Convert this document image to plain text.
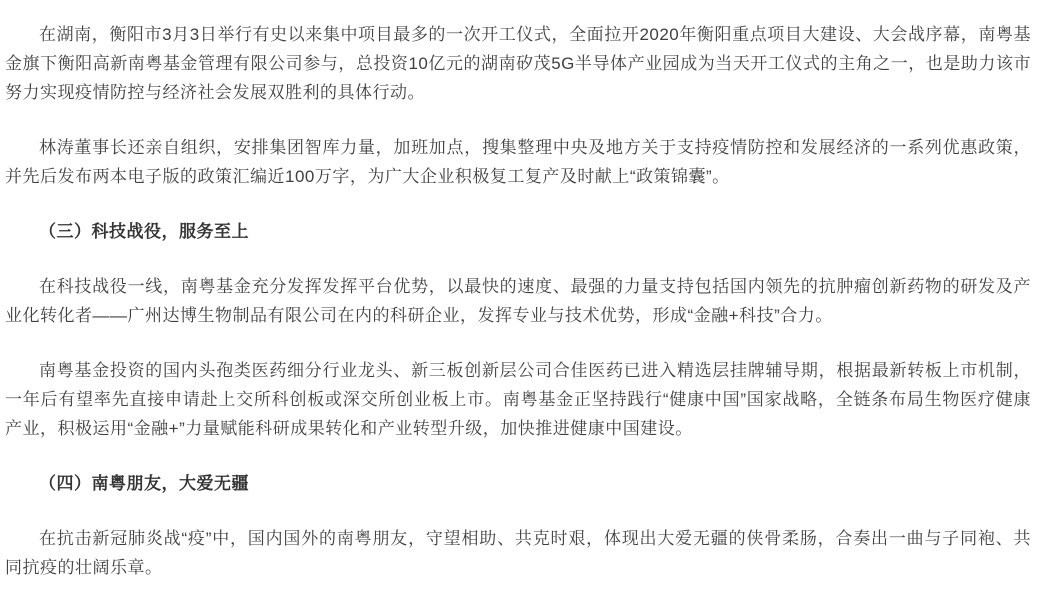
在湖南，衡阳市3月3日举行有史以来集中项目最多的一次开工仪式，全面拉开2020年衡阳重点项目大建设、大会战序幕，南粤基金旗下衡阳高新南粤基金管理有限公司参与，总投资10亿元的湖南矽茂5G半导体产业园成为当天开工仪式的主角之一，也是助力该市努力实现疫情防控与经济社会发展双胜利的具体行动。

林涛董事长还亲自组织，安排集团智库力量，加班加点，搜集整理中央及地方关于支持疫情防控和发展经济的一系列优惠政策，并先后发布两本电子版的政策汇编近100万字，为广大企业积极复工复产及时献上“政策锦囊”。

（三）科技战役，服务至上

在科技战役一线，南粤基金充分发挥发挥平台优势，以最快的速度、最强的力量支持包括国内领先的抗肿瘤创新药物的研发及产业化转化者——广州达博生物制品有限公司在内的科研企业，发挥专业与技术优势，形成“金融+科技”合力。

南粤基金投资的国内头孢类医药细分行业龙头、新三板创新层公司合佳医药已进入精选层挂牌辅导期，根据最新转板上市机制，一年后有望率先直接申请赴上交所科创板或深交所创业板上市。南粤基金正坚持践行“健康中国”国家战略，全链条布局生物医疗健康产业，积极运用“金融+”力量赋能科研成果转化和产业转型升级，加快推进健康中国建设。

（四）南粤朋友，大爱无疆

在抗击新冠肺炎战“疫”中，国内国外的南粤朋友，守望相助、共克时艰，体现出大爱无疆的侠骨柔肠，合奏出一曲与子同袍、共同抗疫的壮阔乐章。
